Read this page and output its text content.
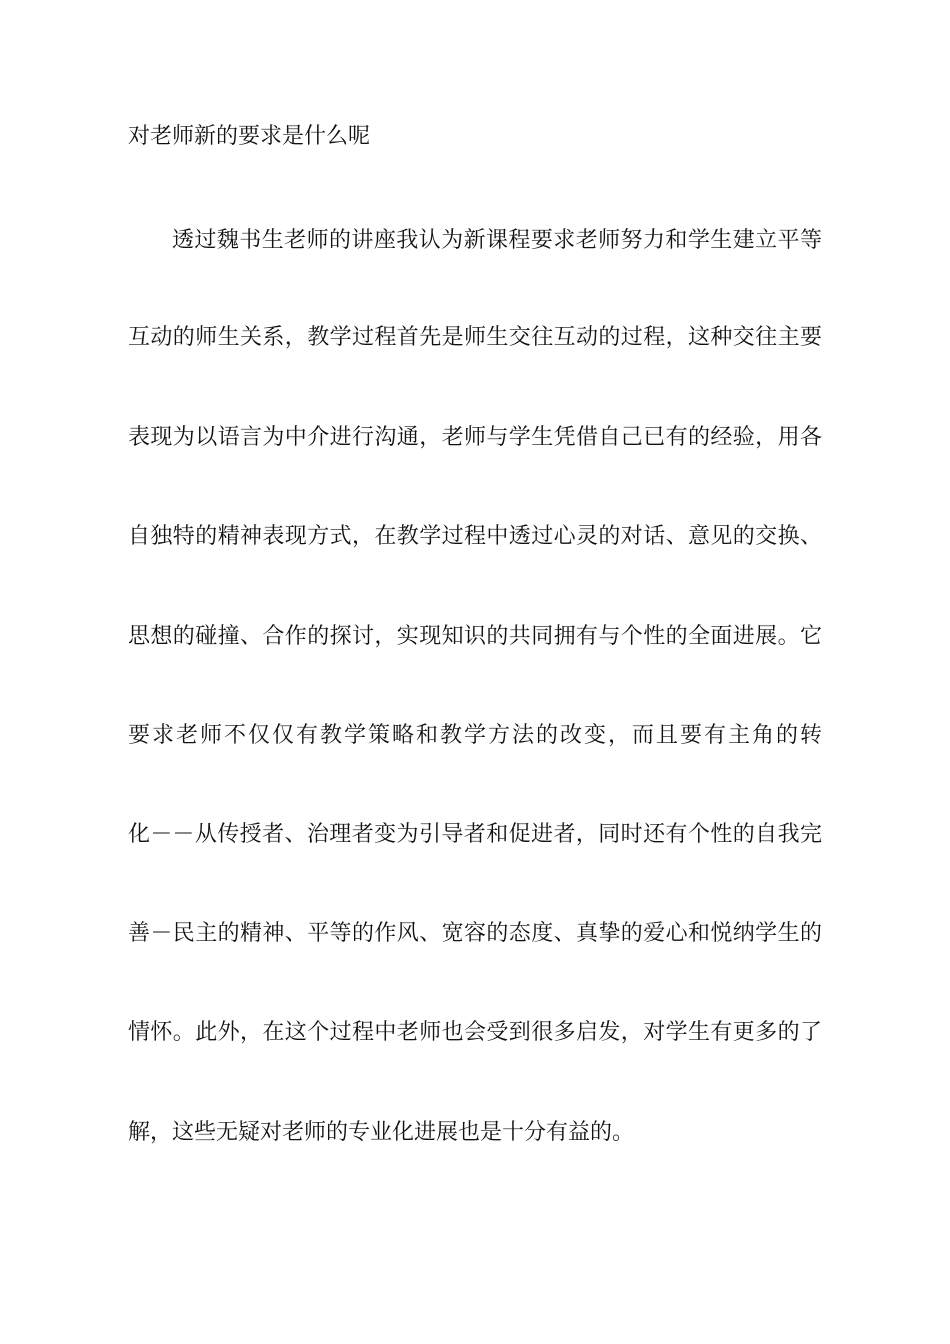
对老师新的要求是什么呢
透过魏书生老师的讲座我认为新课程要求老师努力和学生建立平等
互动的师生关系，教学过程首先是师生交往互动的过程，这种交往主要
表现为以语言为中介进行沟通，老师与学生凭借自己已有的经验，用各
自独特的精神表现方式，在教学过程中透过心灵的对话、意见的交换、
思想的碰撞、合作的探讨，实现知识的共同拥有与个性的全面进展。它
要求老师不仅仅有教学策略和教学方法的改变，而且要有主角的转
化－－从传授者、治理者变为引导者和促进者，同时还有个性的自我完
善－民主的精神、平等的作风、宽容的态度、真挚的爱心和悦纳学生的
情怀。此外，在这个过程中老师也会受到很多启发，对学生有更多的了
解，这些无疑对老师的专业化进展也是十分有益的。
